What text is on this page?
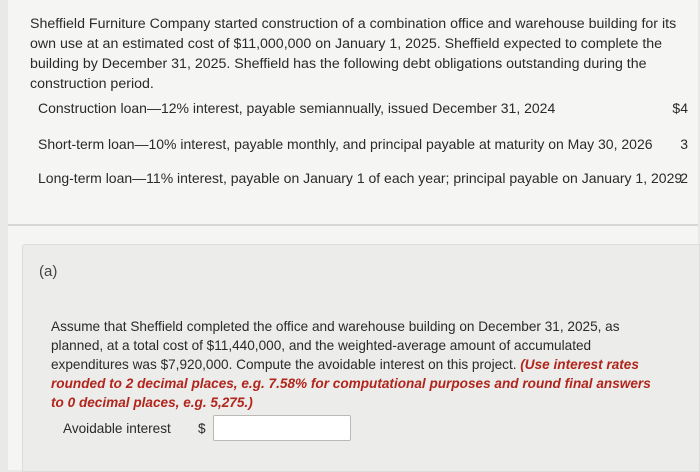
Sheffield Furniture Company started construction of a combination office and warehouse building for its own use at an estimated cost of $11,000,000 on January 1, 2025. Sheffield expected to complete the building by December 31, 2025. Sheffield has the following debt obligations outstanding during the construction period.
Construction loan—12% interest, payable semiannually, issued December 31, 2024	$4
Short-term loan—10% interest, payable monthly, and principal payable at maturity on May 30, 2026 3
Long-term loan—11% interest, payable on January 1 of each year; principal payable on January 1, 2029
2
(a)
Assume that Sheffield completed the office and warehouse building on December 31, 2025, as planned, at a total cost of $11,440,000, and the weighted-average amount of accumulated expenditures was $7,920,000. Compute the avoidable interest on this project. (Use interest rates rounded to 2 decimal places, e.g. 7.58% for computational purposes and round final answers to 0 decimal places, e.g. 5,275.)
Avoidable interest $
